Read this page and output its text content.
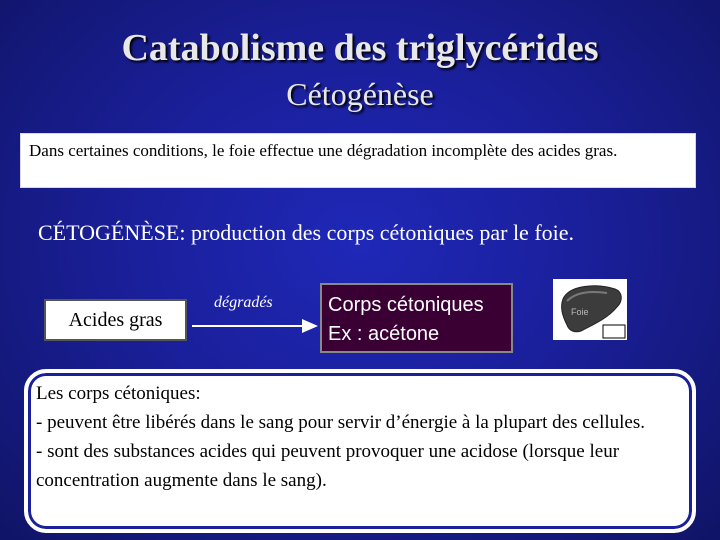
Catabolisme des triglycérides
Cétogénèse
Dans certaines conditions, le foie effectue une dégradation incomplète des acides gras.
CÉTOGÉNÈSE: production des corps cétoniques par le foie.
Acides gras
dégradés	Corps cétoniques
Ex : acétone
Foie

Les corps cétoniques:

- peuvent être libérés dans le sang pour servir d’énergie à la plupart des cellules.

- sont des substances acides qui peuvent provoquer une acidose (lorsque leur concentration augmente dans le sang).
